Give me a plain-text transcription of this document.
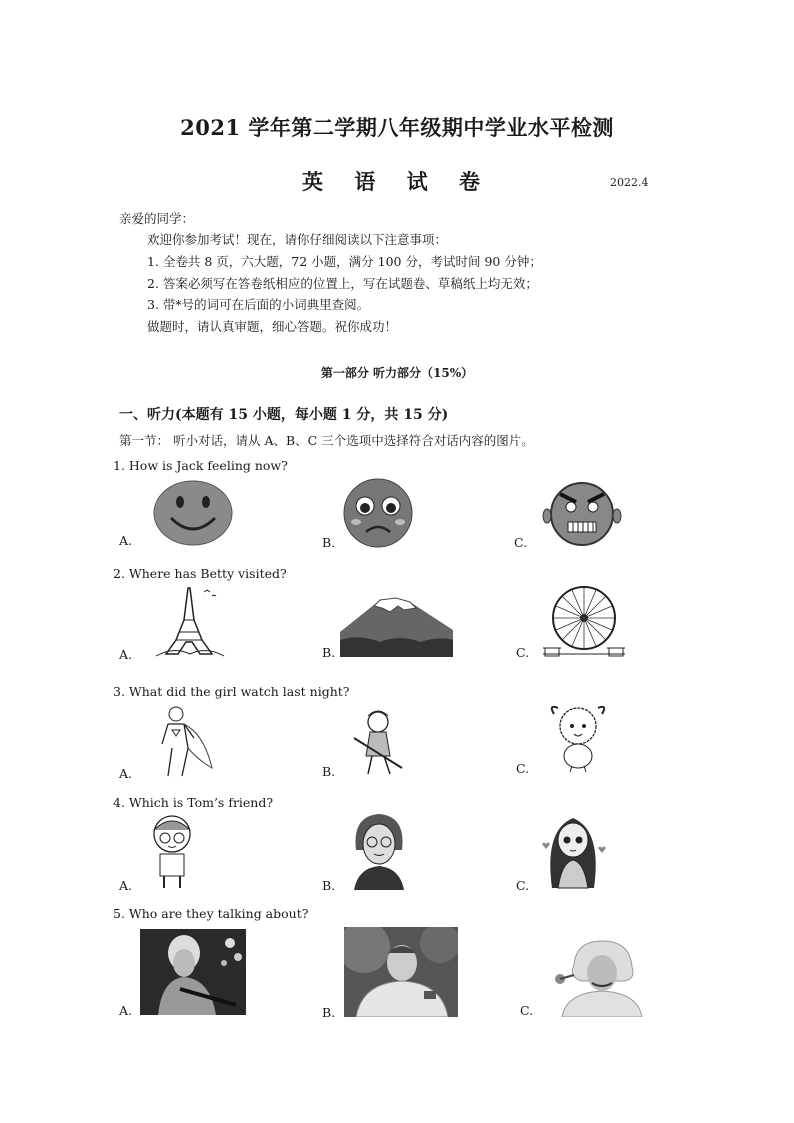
2021 学年第二学期八年级期中学业水平检测
英 语 试 卷	2022.4
亲爱的同学：
欢迎你参加考试！现在，请你仔细阅读以下注意事项：
1. 全卷共 8 页，六大题，72 小题，满分 100 分，考试时间 90 分钟；
2. 答案必须写在答卷纸相应的位置上，写在试题卷、草稿纸上均无效；
3. 带*号的词可在后面的小词典里查阅。
做题时，请认真审题，细心答题。祝你成功！
第一部分 听力部分（15%）
一、听力(本题有 15 小题，每小题 1 分，共 15 分)
第一节： 听小对话，请从 A、B、C 三个选项中选择符合对话内容的图片。
1. How is Jack feeling now?
A.	B.	C.
2. Where has Betty visited?
A.	B.	C.
3. What did the girl watch last night?
A.	B.	C.
4. Which is Tom’s friend?
A.	B.	C.
5. Who are they talking about?
A.	B.	C.
